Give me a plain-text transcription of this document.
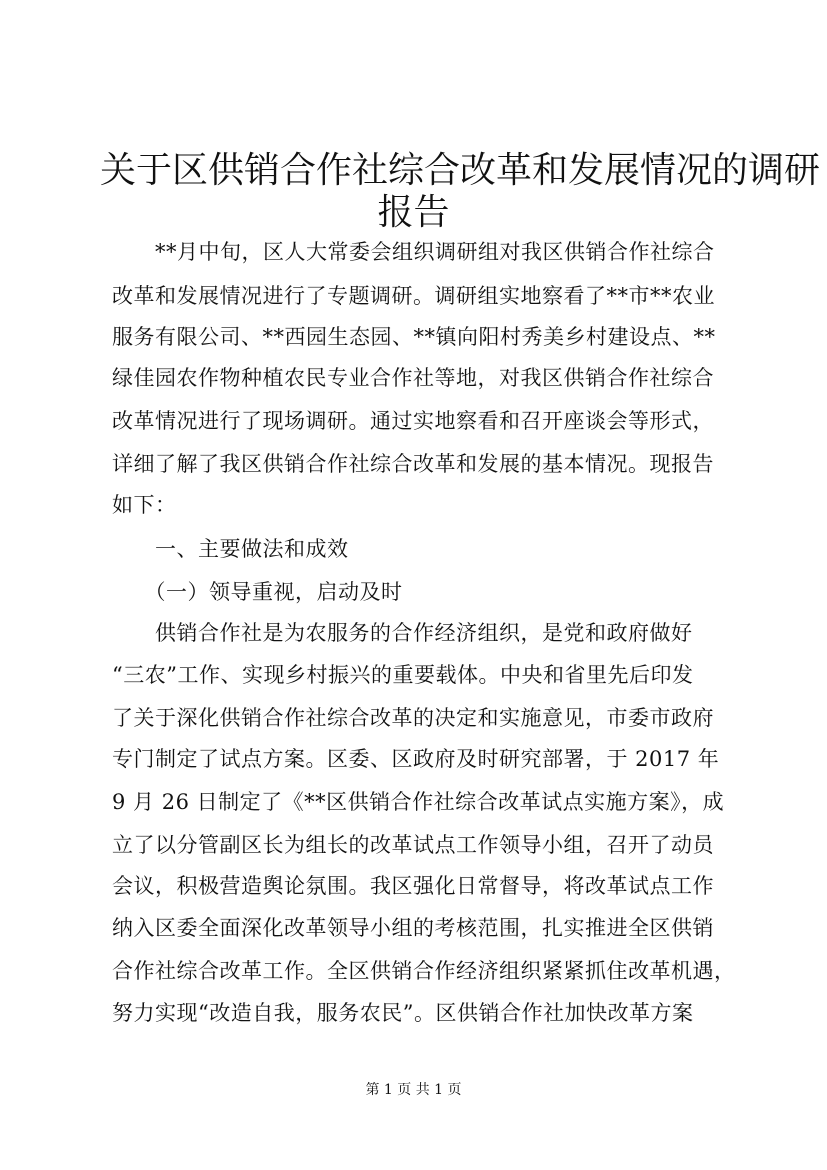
关于区供销合作社综合改革和发展情况的调研
报告
　　**月中旬，区人大常委会组织调研组对我区供销合作社综合
改革和发展情况进行了专题调研。调研组实地察看了**市**农业
服务有限公司、**西园生态园、**镇向阳村秀美乡村建设点、**
绿佳园农作物种植农民专业合作社等地，对我区供销合作社综合
改革情况进行了现场调研。通过实地察看和召开座谈会等形式，
详细了解了我区供销合作社综合改革和发展的基本情况。现报告
如下：
　　一、主要做法和成效
　　（一）领导重视，启动及时
　　供销合作社是为农服务的合作经济组织，是党和政府做好
“三农”工作、实现乡村振兴的重要载体。中央和省里先后印发
了关于深化供销合作社综合改革的决定和实施意见，市委市政府
专门制定了试点方案。区委、区政府及时研究部署，于 2017 年
9 月 26 日制定了《**区供销合作社综合改革试点实施方案》，成
立了以分管副区长为组长的改革试点工作领导小组，召开了动员
会议，积极营造舆论氛围。我区强化日常督导，将改革试点工作
纳入区委全面深化改革领导小组的考核范围，扎实推进全区供销
合作社综合改革工作。全区供销合作经济组织紧紧抓住改革机遇，
努力实现“改造自我，服务农民”。区供销合作社加快改革方案
第 1 页 共 1 页
